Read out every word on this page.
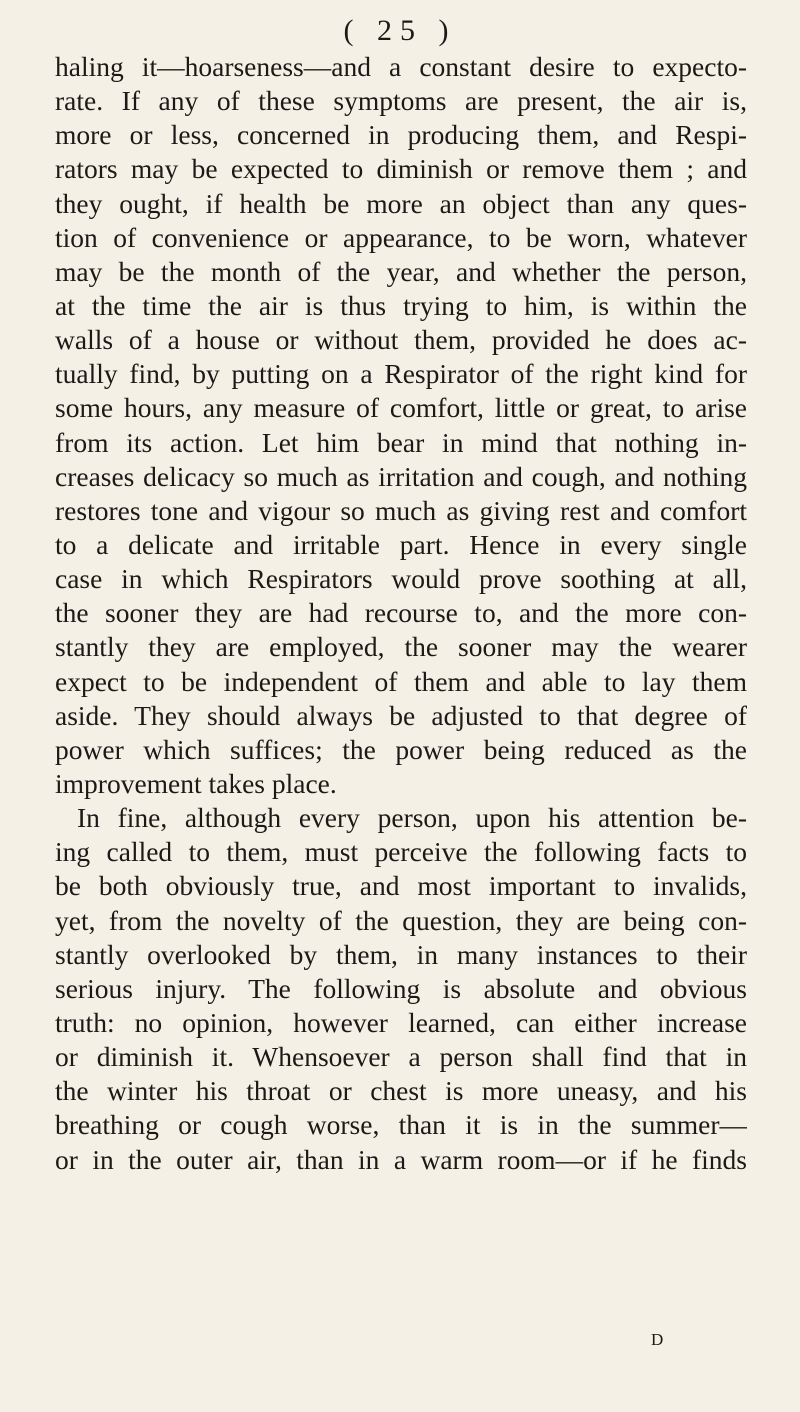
( 25 )
haling it—hoarseness—and a constant desire to expecto-
rate. If any of these symptoms are present, the air is,
more or less, concerned in producing them, and Respi-
rators may be expected to diminish or remove them ; and
they ought, if health be more an object than any ques-
tion of convenience or appearance, to be worn, whatever
may be the month of the year, and whether the person,
at the time the air is thus trying to him, is within the
walls of a house or without them, provided he does ac-
tually find, by putting on a Respirator of the right kind for
some hours, any measure of comfort, little or great, to arise
from its action. Let him bear in mind that nothing in-
creases delicacy so much as irritation and cough, and nothing
restores tone and vigour so much as giving rest and comfort
to a delicate and irritable part. Hence in every single
case in which Respirators would prove soothing at all,
the sooner they are had recourse to, and the more con-
stantly they are employed, the sooner may the wearer
expect to be independent of them and able to lay them
aside. They should always be adjusted to that degree of
power which suffices; the power being reduced as the
improvement takes place.
In fine, although every person, upon his attention be-
ing called to them, must perceive the following facts to
be both obviously true, and most important to invalids,
yet, from the novelty of the question, they are being con-
stantly overlooked by them, in many instances to their
serious injury. The following is absolute and obvious
truth: no opinion, however learned, can either increase
or diminish it. Whensoever a person shall find that in
the winter his throat or chest is more uneasy, and his
breathing or cough worse, than it is in the summer—
or in the outer air, than in a warm room—or if he finds
D
